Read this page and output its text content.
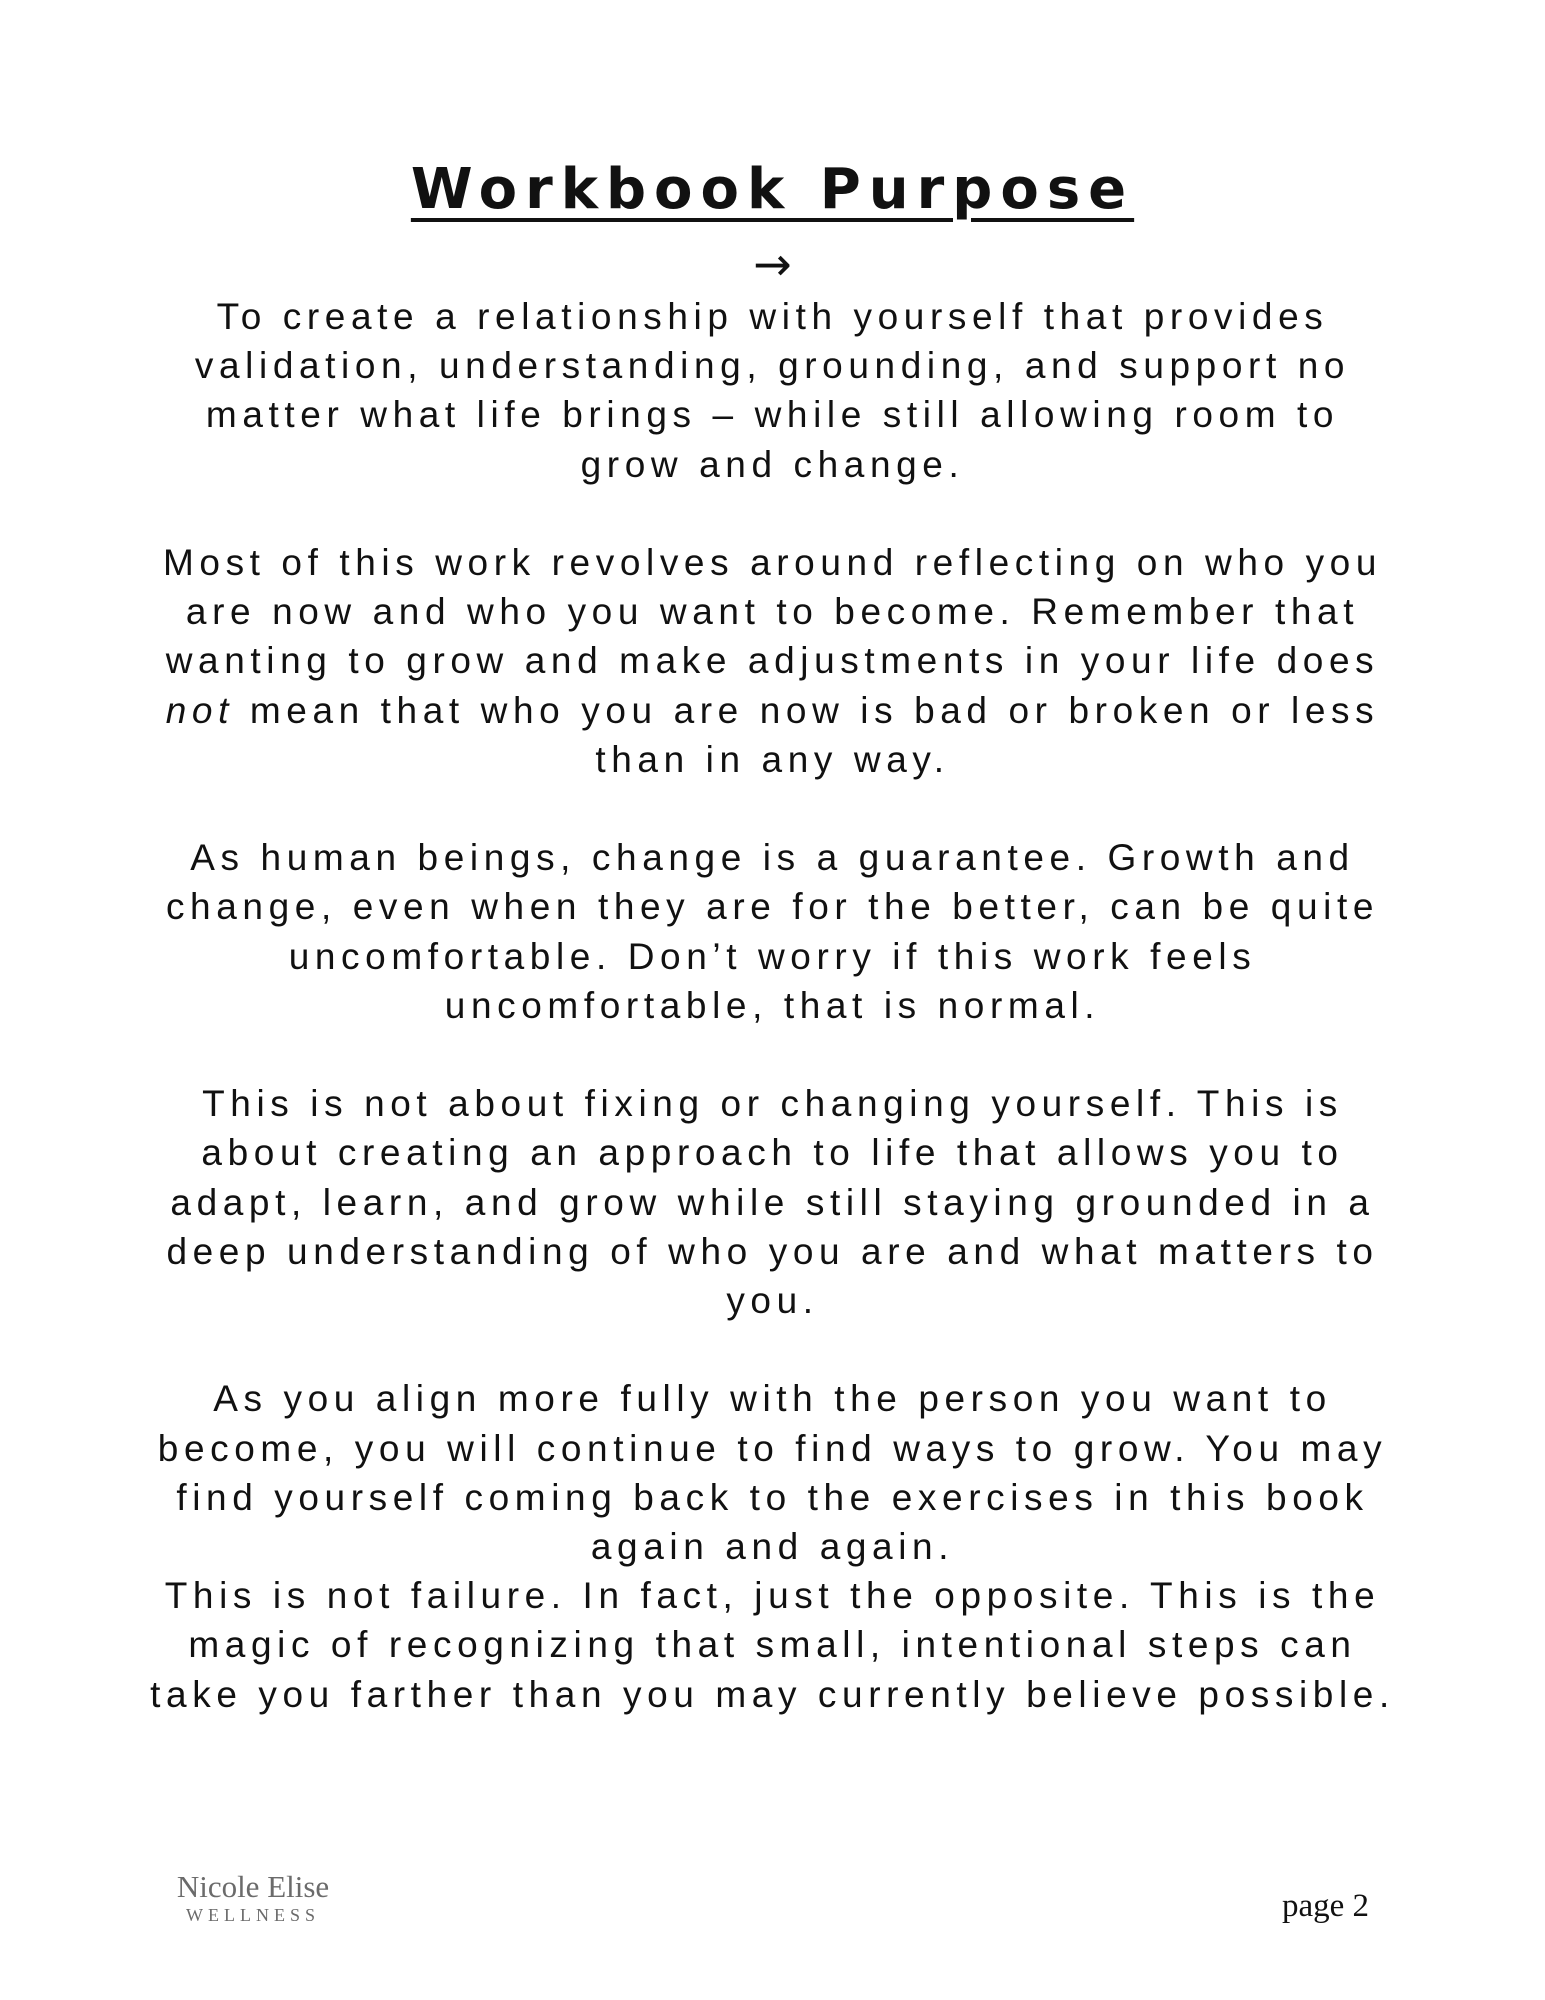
Workbook Purpose
→

To create a relationship with yourself that provides validation, understanding, grounding, and support no matter what life brings – while still allowing room to grow and change.

Most of this work revolves around reflecting on who you are now and who you want to become. Remember that wanting to grow and make adjustments in your life does not mean that who you are now is bad or broken or less than in any way.

As human beings, change is a guarantee. Growth and change, even when they are for the better, can be quite uncomfortable. Don’t worry if this work feels uncomfortable, that is normal.

This is not about fixing or changing yourself. This is about creating an approach to life that allows you to adapt, learn, and grow while still staying grounded in a deep understanding of who you are and what matters to you.

As you align more fully with the person you want to become, you will continue to find ways to grow. You may find yourself coming back to the exercises in this book again and again.

This is not failure. In fact, just the opposite. This is the magic of recognizing that small, intentional steps can take you farther than you may currently believe possible.

Nicole Elise
WELLNESS	page 2
